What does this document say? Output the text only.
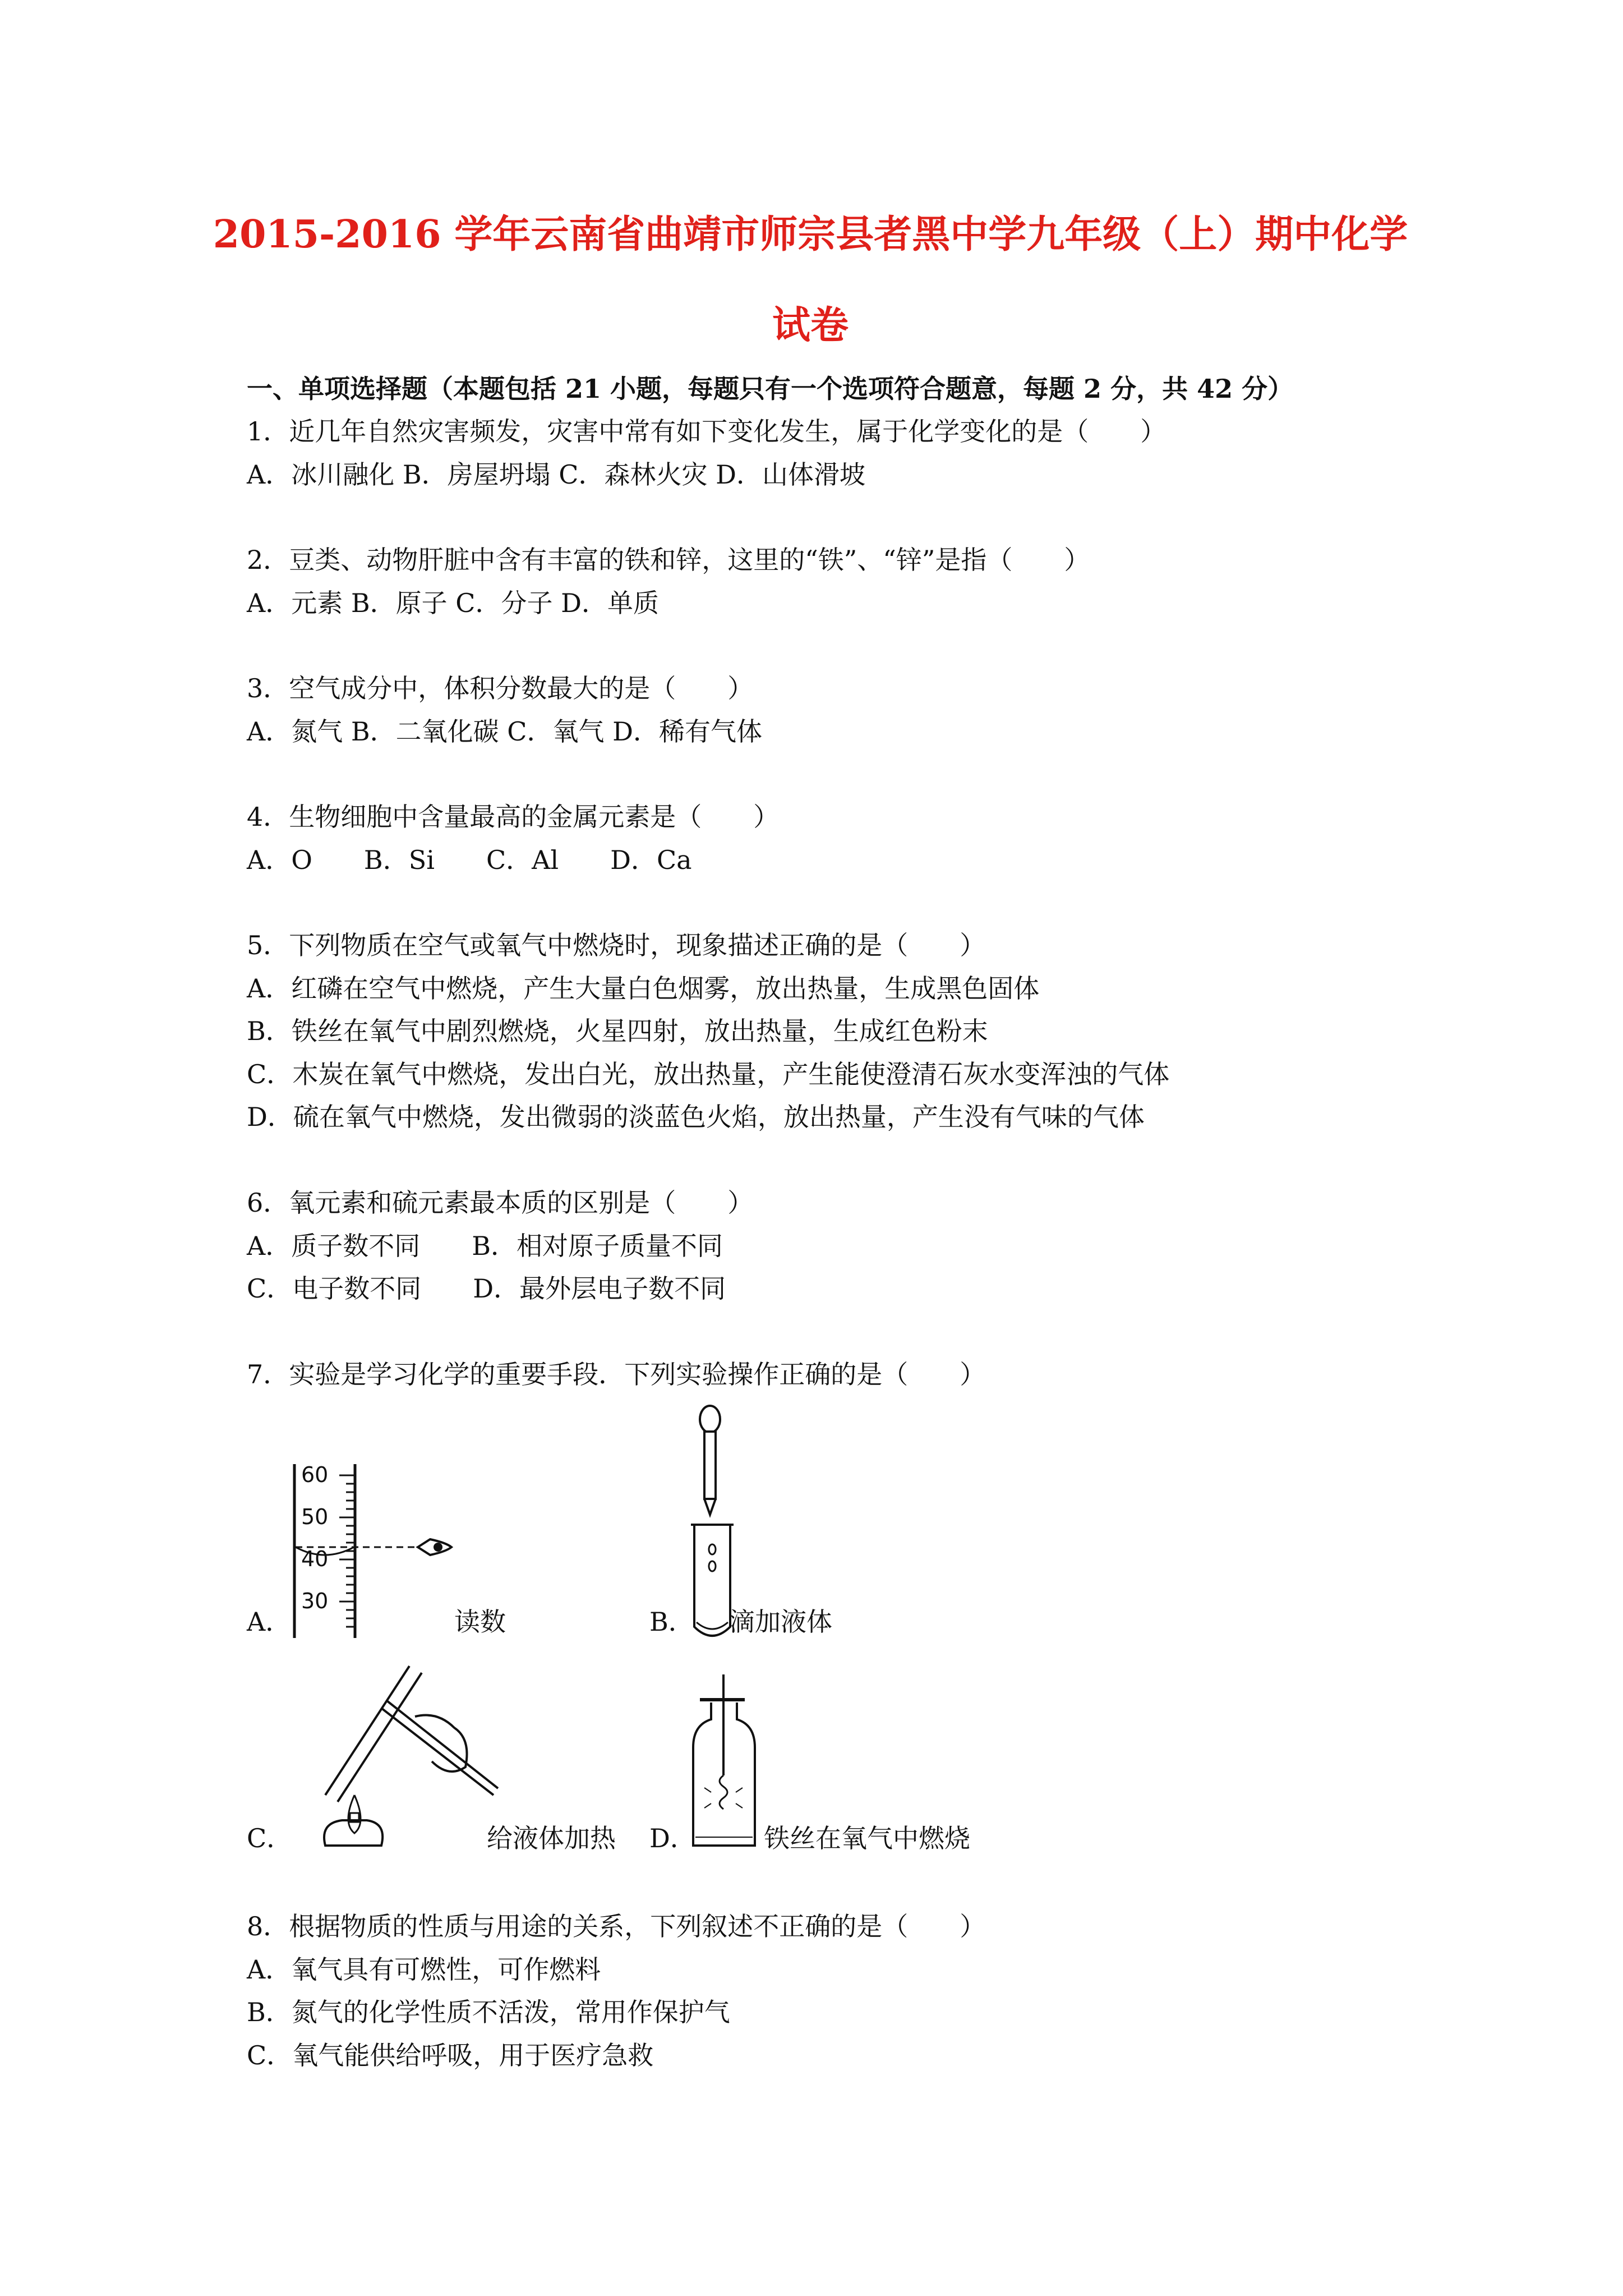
2015-2016 学年云南省曲靖市师宗县者黑中学九年级（上）期中化学
试卷
一、单项选择题（本题包括 21 小题，每题只有一个选项符合题意，每题 2 分，共 42 分）
1．近几年自然灾害频发，灾害中常有如下变化发生，属于化学变化的是（　　）
A．冰川融化 B．房屋坍塌 C．森林火灾 D．山体滑坡
2．豆类、动物肝脏中含有丰富的铁和锌，这里的“铁”、“锌”是指（　　）
A．元素 B．原子 C．分子 D．单质
3．空气成分中，体积分数最大的是（　　）
A．氮气 B．二氧化碳 C．氧气 D．稀有气体
4．生物细胞中含量最高的金属元素是（　　）
A．O　　B．Si　　C．Al　　D．Ca
5．下列物质在空气或氧气中燃烧时，现象描述正确的是（　　）
A．红磷在空气中燃烧，产生大量白色烟雾，放出热量，生成黑色固体
B．铁丝在氧气中剧烈燃烧，火星四射，放出热量，生成红色粉末
C．木炭在氧气中燃烧，发出白光，放出热量，产生能使澄清石灰水变浑浊的气体
D．硫在氧气中燃烧，发出微弱的淡蓝色火焰，放出热量，产生没有气味的气体
6．氧元素和硫元素最本质的区别是（　　）
A．质子数不同　　B．相对原子质量不同
C．电子数不同　　D．最外层电子数不同
7．实验是学习化学的重要手段．下列实验操作正确的是（　　）
A．
60
50
40
30
读数	B． 滴加液体
C．	给液体加热 D．	铁丝在氧气中燃烧
8．根据物质的性质与用途的关系，下列叙述不正确的是（　　）
A．氧气具有可燃性，可作燃料
B．氮气的化学性质不活泼，常用作保护气
C．氧气能供给呼吸，用于医疗急救
